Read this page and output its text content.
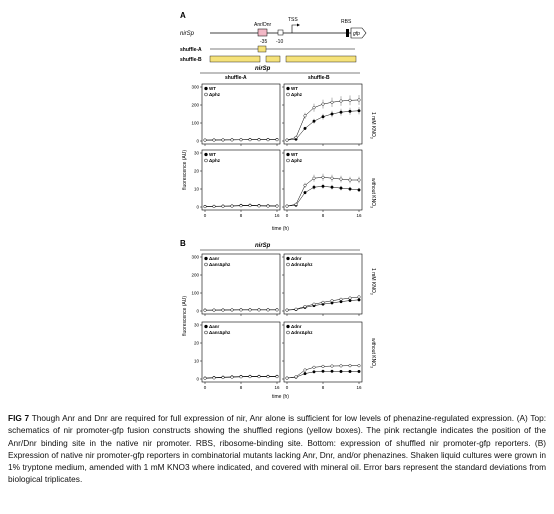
A
nirSp
Anr/Dnr
-35 -10
TSS	RBS
gfp
shuffle-A
shuffle-B
nirSp
shuffle-A	shuffle-B
fluorescence (AU)
1 mM $KNO_3$
without $KNO_3$
0
100
200
300 WT
Δphz
WT
Δphz
0
10
20
30
0	8	16
WT
Δphz
0	8	16
WT
Δphz
time (h)
B	nirSp
fluorescence (AU)
1 mM $KNO_3$
without $KNO_3$
0
100
200
300 Δanr
ΔanrΔphz
Δdnr
ΔdnrΔphz
0
10
20
30
0	8	16
Δanr
ΔanrΔphz
0	8	16
Δdnr
ΔdnrΔphz
time (h)
FIG 7 Though Anr and Dnr are required for full expression of nir, Anr alone is sufficient for low levels of phenazine-regulated expression. (A) Top: schematics of nir promoter-gfp fusion constructs showing the shuffled regions (yellow boxes). The pink rectangle indicates the position of the Anr/Dnr binding site in the native nir promoter. RBS, ribosome-binding site. Bottom: expression of shuffled nir promoter-gfp reporters. (B) Expression of native nir promoter-gfp reporters in combinatorial mutants lacking Anr, Dnr, and/or phenazines. Shaken liquid cultures were grown in 1% tryptone medium, amended with 1 mM KNO3 where indicated, and covered with mineral oil. Error bars represent the standard deviations from biological triplicates.
